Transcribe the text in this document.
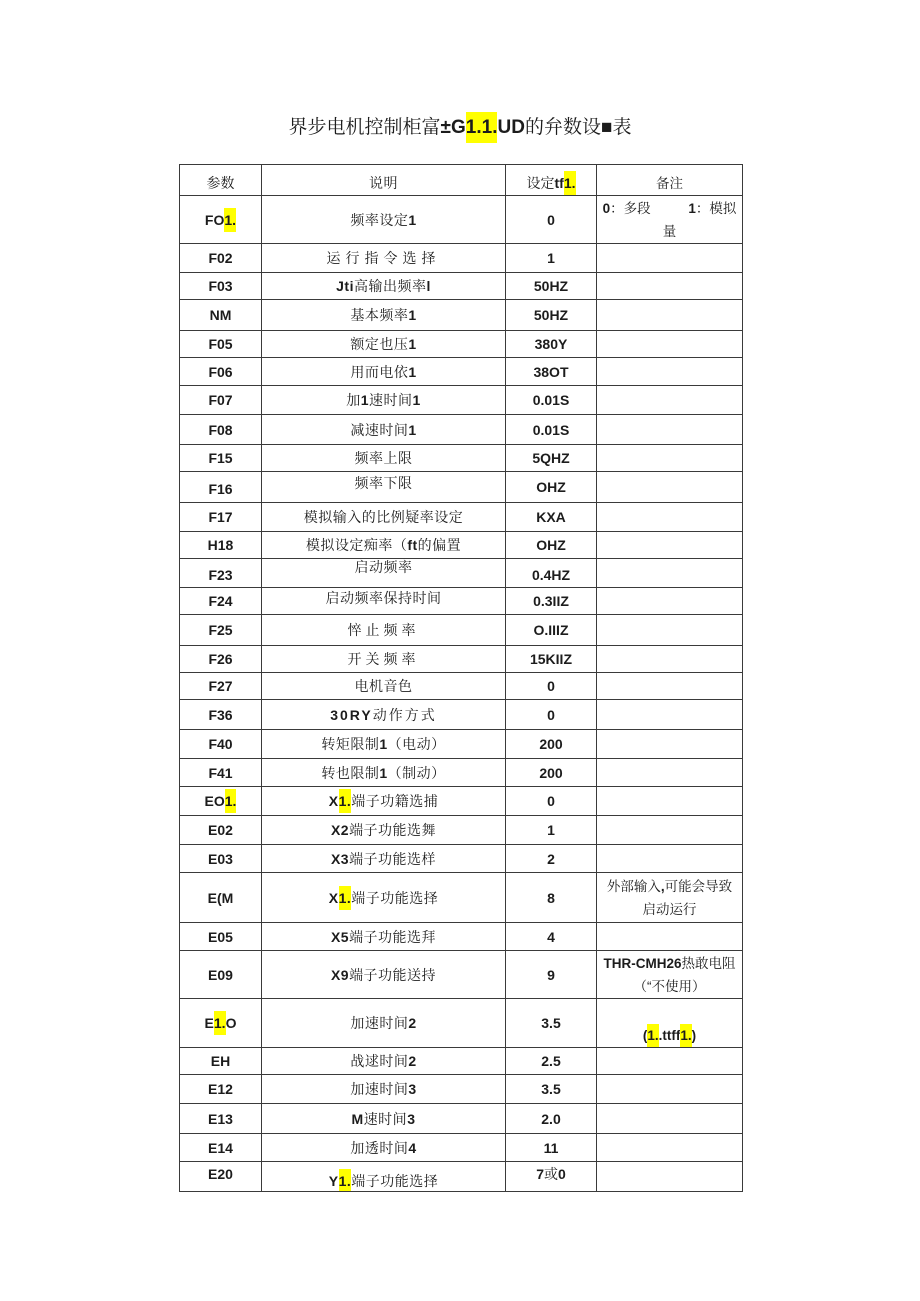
界步电机控制柜富±G1.1.UD的弁数设■表
参数	说明	设定tf1.	备注
FO1.	频率设定1	0	0：多段 1：模拟
量
F02	运行指令选择	1	
F03	Jti高输出频率l	50HZ	
NM	基本频率1	50HZ	
F05	额定也压1	380Y	
F06	用而电依1	38OT	
F07	加1速时间1	0.01S	
F08	减速时间1	0.01S	
F15	频率上限	5QHZ	
F16	频率下限	OHZ	
F17	模拟输入的比例疑率设定	KXA	
H18	模拟设定痴率（ft的偏置	OHZ	
F23	启动频率	0.4HZ	
F24	启动频率保持时间	0.3IIZ	
F25	悴止频率	O.IIIZ	
F26	开关频率	15KIIZ	
F27	电机音色	0	
F36	30RY动作方式	0	
F40	转矩限制1（电动）	200	
F41	转也限制1（制动）	200	
EO1.	X1.端子功籍选捕	0	
E02	X2端子功能选舞	1	
E03	X3端子功能选样	2	
E(M	X1.端子功能选择	8	外部输入,可能会导致
启动运行
E05	X5端子功能选拜	4	
E09	X9端子功能送持	9	THR-CMH26热敢电阻
（“不使用）
E1.O	加速时间2	3.5	(1..ttff1.)
EH	战逑时间2	2.5	
E12	加速时间3	3.5	
E13	M速时间3	2.0	
E14	加透时间4	11	
E20	Y1.端子功能选择	7或0	
